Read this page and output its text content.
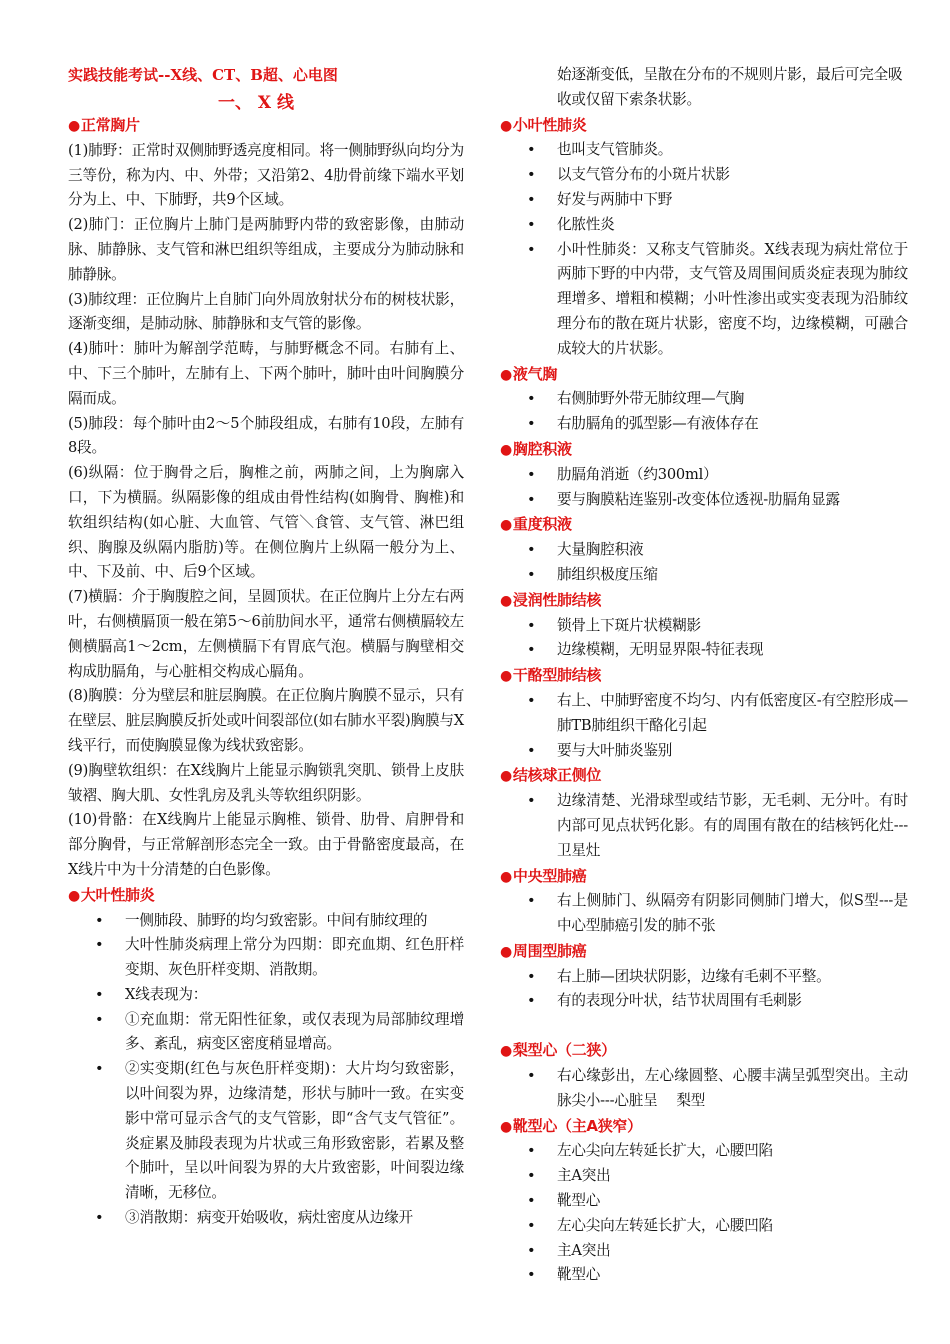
实践技能考试--X线、CT、B超、心电图
一、 X 线
●正常胸片

(1)肺野：正常时双侧肺野透亮度相同。将一侧肺野纵向均分为三等份，称为内、中、外带；又沿第2、4肋骨前缘下端水平划分为上、中、下肺野，共9个区域。

(2)肺门：正位胸片上肺门是两肺野内带的致密影像，由肺动脉、肺静脉、支气管和淋巴组织等组成，主要成分为肺动脉和肺静脉。

(3)肺纹理：正位胸片上自肺门向外周放射状分布的树枝状影，逐渐变细，是肺动脉、肺静脉和支气管的影像。

(4)肺叶：肺叶为解剖学范畴，与肺野概念不同。右肺有上、中、下三个肺叶，左肺有上、下两个肺叶，肺叶由叶间胸膜分隔而成。

(5)肺段：每个肺叶由2～5个肺段组成，右肺有10段，左肺有8段。

(6)纵隔：位于胸骨之后，胸椎之前，两肺之间，上为胸廓入口，下为横膈。纵隔影像的组成由骨性结构(如胸骨、胸椎)和软组织结构(如心脏、大血管、气管＼食管、支气管、淋巴组织、胸腺及纵隔内脂肪)等。在侧位胸片上纵隔一般分为上、中、下及前、中、后9个区域。

(7)横膈：介于胸腹腔之间，呈圆顶状。在正位胸片上分左右两叶，右侧横膈顶一般在第5～6前肋间水平，通常右侧横膈较左侧横膈高1～2cm，左侧横膈下有胃底气泡。横膈与胸壁相交构成肋膈角，与心脏相交构成心膈角。

(8)胸膜：分为壁层和脏层胸膜。在正位胸片胸膜不显示，只有在壁层、脏层胸膜反折处或叶间裂部位(如右肺水平裂)胸膜与X线平行，而使胸膜显像为线状致密影。

(9)胸壁软组织：在X线胸片上能显示胸锁乳突肌、锁骨上皮肤皱褶、胸大肌、女性乳房及乳头等软组织阴影。

(10)骨骼：在X线胸片上能显示胸椎、锁骨、肋骨、肩胛骨和部分胸骨，与正常解剖形态完全一致。由于骨骼密度最高，在X线片中为十分清楚的白色影像。

●大叶性肺炎
• 一侧肺段、肺野的均匀致密影。中间有肺纹理的
• 大叶性肺炎病理上常分为四期：即充血期、红色肝样变期、灰色肝样变期、消散期。
• X线表现为：
• ①充血期：常无阳性征象，或仅表现为局部肺纹理增多、紊乱，病变区密度稍显增高。
• ②实变期(红色与灰色肝样变期)：大片均匀致密影，以叶间裂为界，边缘清楚，形状与肺叶一致。在实变影中常可显示含气的支气管影，即“含气支气管征”。炎症累及肺段表现为片状或三角形致密影，若累及整个肺叶，呈以叶间裂为界的大片致密影，叶间裂边缘清晰，无移位。
• ③消散期：病变开始吸收，病灶密度从边缘开
始逐渐变低，呈散在分布的不规则片影，最后可完全吸收或仅留下索条状影。
●小叶性肺炎
• 也叫支气管肺炎。
• 以支气管分布的小斑片状影
• 好发与两肺中下野
• 化脓性炎
• 小叶性肺炎：又称支气管肺炎。X线表现为病灶常位于两肺下野的中内带，支气管及周围间质炎症表现为肺纹理增多、增粗和模糊；小叶性渗出或实变表现为沿肺纹理分布的散在斑片状影，密度不均，边缘模糊，可融合成较大的片状影。
●液气胸
• 右侧肺野外带无肺纹理—气胸
• 右肋膈角的弧型影—有液体存在
●胸腔积液
• 肋膈角消逝（约300ml）
• 要与胸膜粘连鉴别-改变体位透视-肋膈角显露
●重度积液
• 大量胸腔积液
• 肺组织极度压缩
●浸润性肺结核
• 锁骨上下斑片状模糊影
• 边缘模糊，无明显界限-特征表现
●干酪型肺结核
• 右上、中肺野密度不均匀、内有低密度区-有空腔形成—肺TB肺组织干酪化引起
• 要与大叶肺炎鉴别
●结核球正侧位
• 边缘清楚、光滑球型或结节影，无毛刺、无分叶。有时内部可见点状钙化影。有的周围有散在的结核钙化灶---卫星灶
●中央型肺癌
• 右上侧肺门、纵隔旁有阴影同侧肺门增大，似S型---是中心型肺癌引发的肺不张
●周围型肺癌
• 右上肺—团块状阴影，边缘有毛刺不平整。
• 有的表现分叶状，结节状周围有毛刺影
●梨型心（二狭）
• 右心缘彭出，左心缘圆整、心腰丰满呈弧型突出。主动脉尖小---心脏呈　 梨型
●靴型心（主A狭窄）
• 左心尖向左转延长扩大，心腰凹陷
• 主A突出
• 靴型心
• 左心尖向左转延长扩大，心腰凹陷
• 主A突出
• 靴型心
